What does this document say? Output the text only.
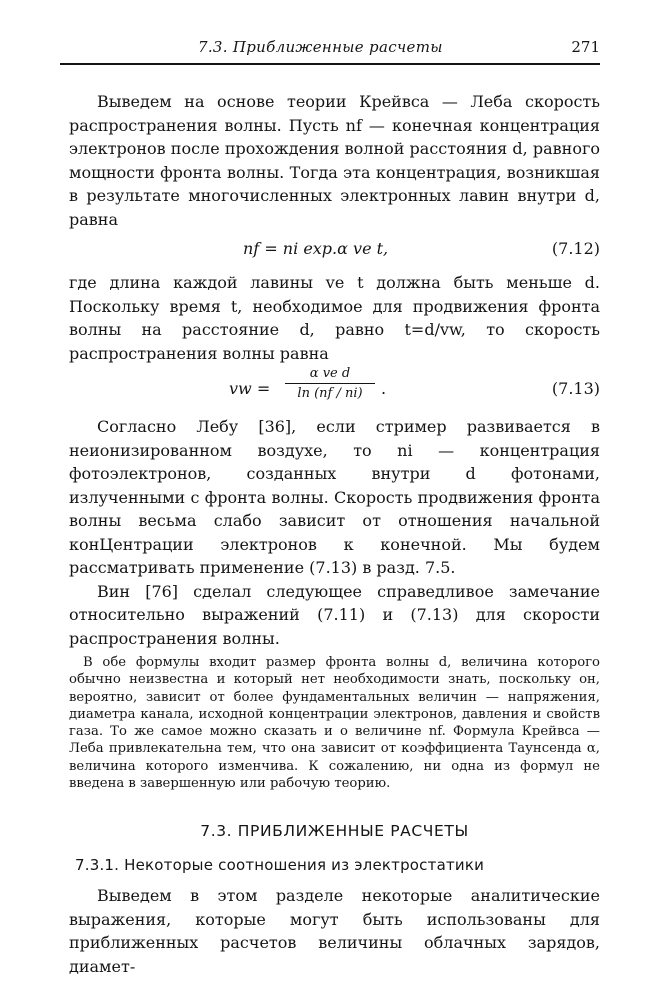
7.3. Приближенные расчеты	271

Выведем на основе теории Крейвса — Леба скорость распространения волны. Пусть nf — конечная концентрация электронов после прохождения волной расстояния d, равного мощности фронта волны. Тогда эта концентрация, возникшая в результате многочисленных электронных лавин внутри d, равна

nf = ni exp.α ve t,	(7.12)

где длина каждой лавины ve t должна быть меньше d. Поскольку время t, необходимое для продвижения фронта волны на расстояние d, равно t=d/vw, то скорость распространения волны равна

vw = $\frac{\text{α ve d}}{\ln (nf / ni)}$ .	(7.13)

Согласно Лебу [36], если стример развивается в неионизированном воздухе, то ni — концентрация фотоэлектронов, созданных внутри d фотонами, излученными с фронта волны. Скорость продвижения фронта волны весьма слабо зависит от отношения начальной конЦентрации электронов к конечной. Мы будем рассматривать применение (7.13) в разд. 7.5.

Вин [76] сделал следующее справедливое замечание относительно выражений (7.11) и (7.13) для скорости распространения волны.

В обе формулы входит размер фронта волны d, величина которого обычно неизвестна и который нет необходимости знать, поскольку он, вероятно, зависит от более фундаментальных величин — напряжения, диаметра канала, исходной концентрации электронов, давления и свойств газа. То же самое можно сказать и о величине nf. Формула Крейвса — Леба привлекательна тем, что она зависит от коэффициента Таунсенда α, величина которого изменчива. К сожалению, ни одна из формул не введена в завершенную или рабочую теорию.

7.3. ПРИБЛИЖЕННЫЕ РАСЧЕТЫ
7.3.1. Некоторые соотношения из электростатики

Выведем в этом разделе некоторые аналитические выражения, которые могут быть использованы для приближенных расчетов величины облачных зарядов, диамет-
